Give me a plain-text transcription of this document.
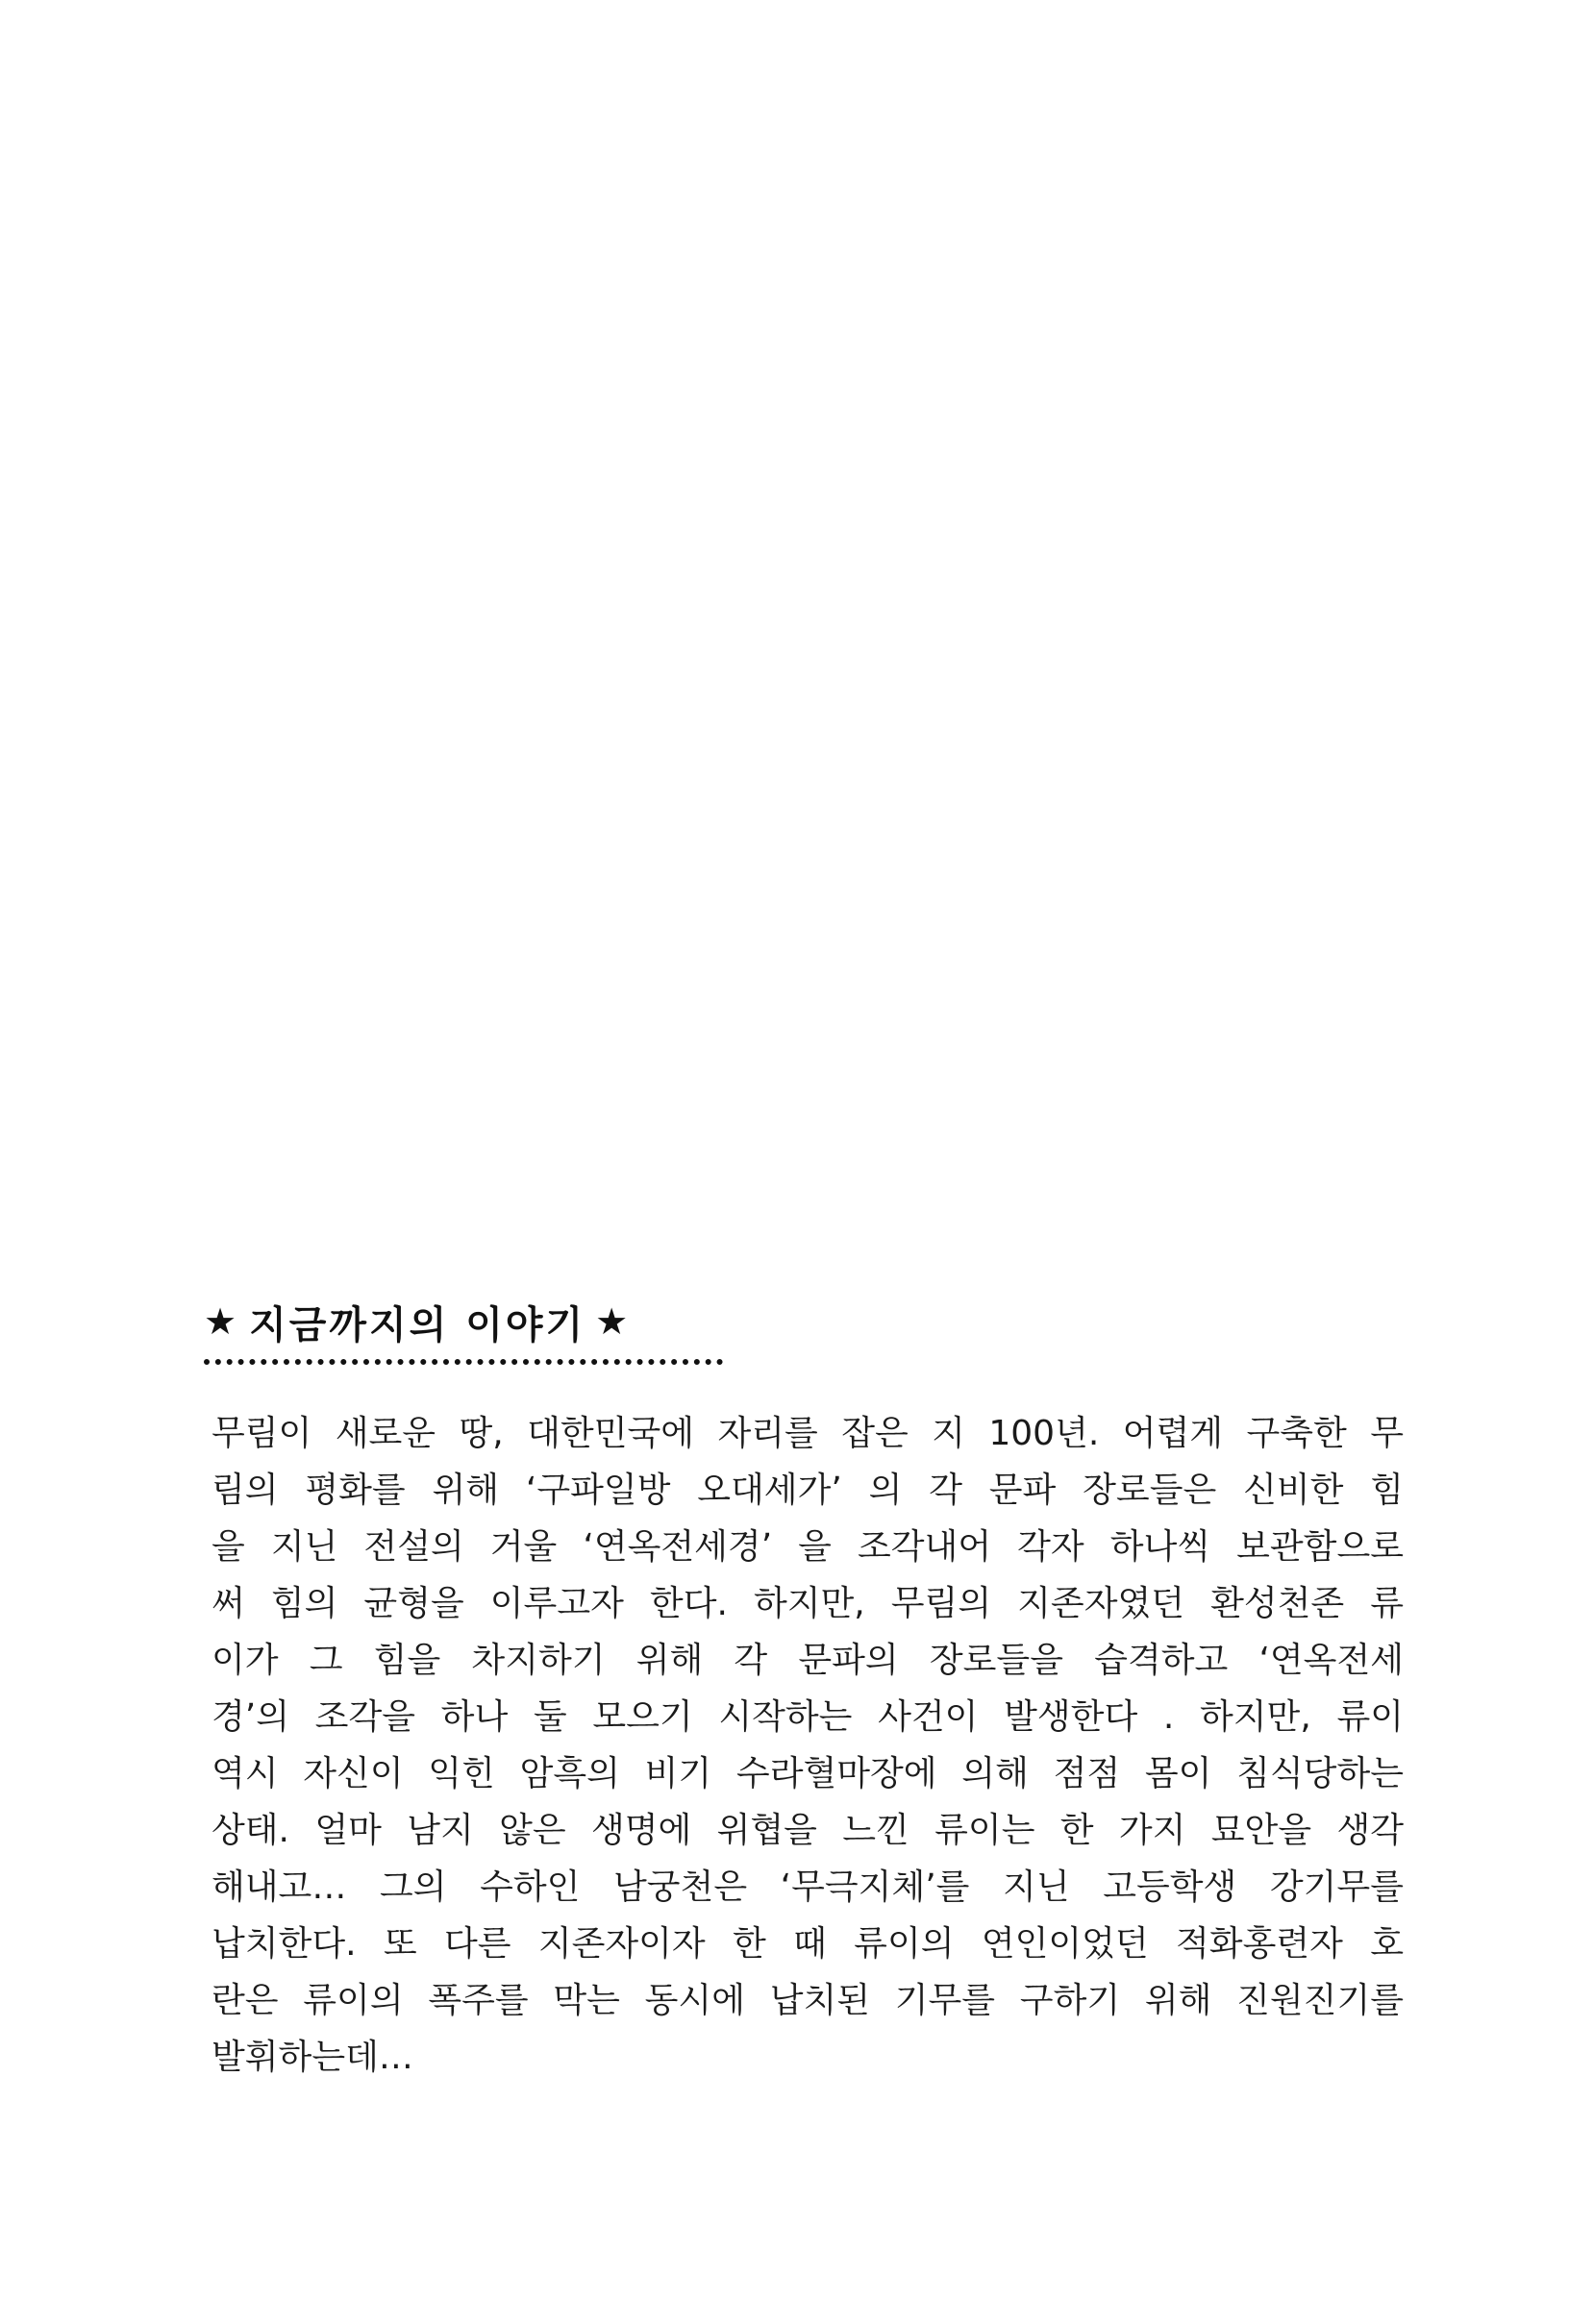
★ 지금까지의 이야기 ★
무림이 새로운 땅, 대한민국에 자리를 잡은 지 100년. 어렵게 구축한 무
림의 평화를 위해 ‘구파일방 오대세가’ 의 각 문파 장로들은 신비한 힘
을 지닌 전설의 거울 ‘연옥전세경’ 을 조각내어 각자 하나씩 보관함으로
써 힘의 균형을 이루고자 한다. 하지만, 무림의 지존자였던 환성천존 류
이가 그 힘을 차지하기 위해 각 문파의 장로들을 습격하고 ‘연옥전세
경’의 조각을 하나 둘 모으기 시작하는 사건이 발생한다 . 하지만, 류이
역시 자신이 익힌 암흑의 비기 수라혈마장에 의해 점점 몸이 침식당하는
상태. 얼마 남지 않은 생명에 위협을 느낀 류이는 한 가지 묘안을 생각
해내고… 그의 수하인 남궁천은 ‘무극지체’를 지닌 고등학생 강기무를
납치한다. 또 다른 지존자이자 한 때 류이의 연인이었던 적화홍련자 호
란은 류이의 폭주를 막는 동시에 납치된 기무를 구하기 위해 진원진기를
발휘하는데…
